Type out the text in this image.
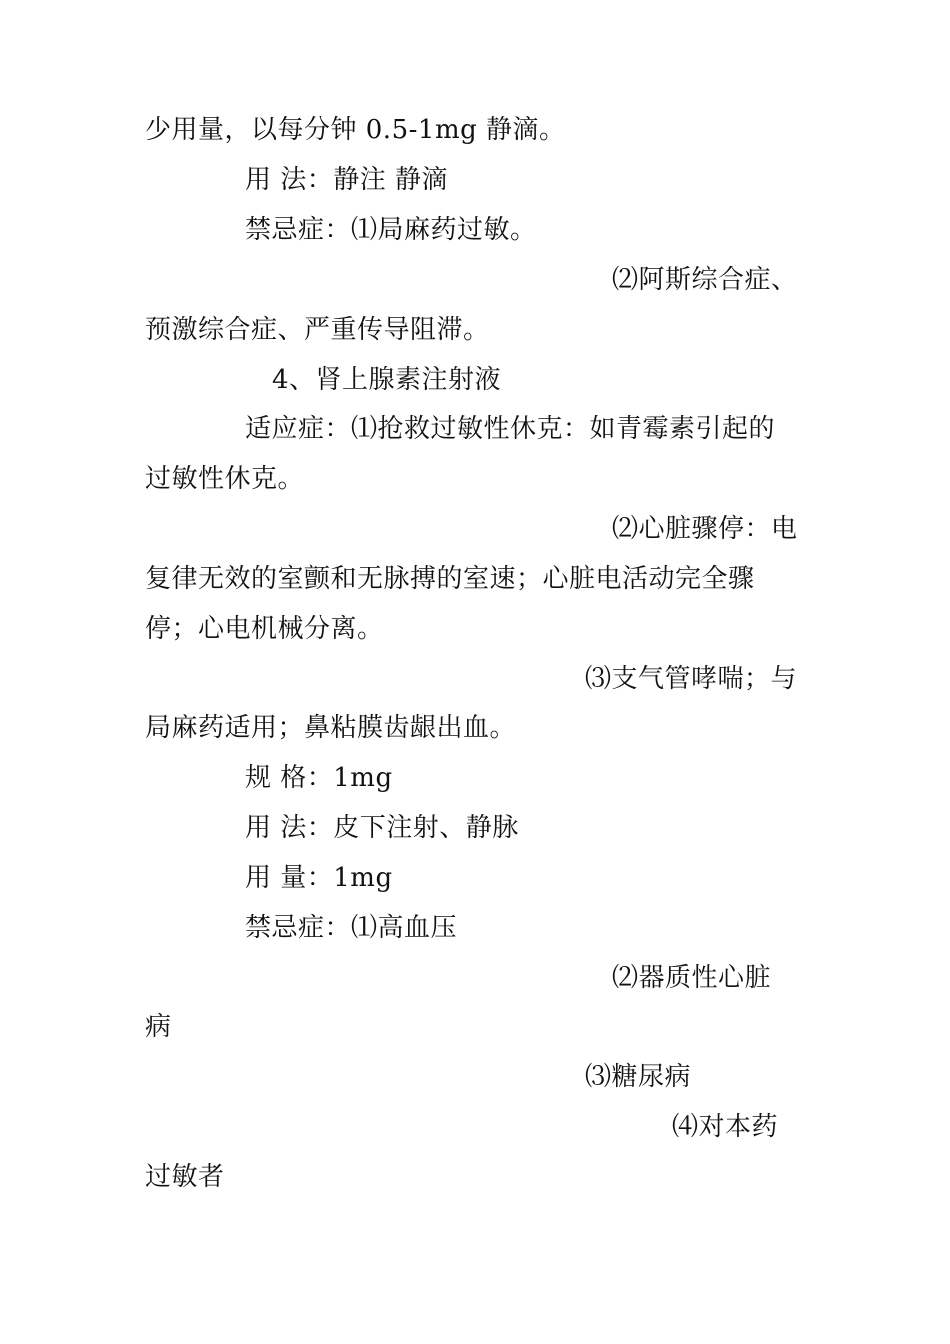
少用量，以每分钟 0.5-1mg 静滴。
用 法：静注 静滴
禁忌症：⑴局麻药过敏。
⑵阿斯综合症、
预激综合症、严重传导阻滞。
4、肾上腺素注射液
适应症：⑴抢救过敏性休克：如青霉素引起的
过敏性休克。
⑵心脏骤停：电
复律无效的室颤和无脉搏的室速；心脏电活动完全骤
停；心电机械分离。
⑶支气管哮喘；与
局麻药适用；鼻粘膜齿龈出血。
规 格：1mg
用 法：皮下注射、静脉
用 量：1mg
禁忌症：⑴高血压
⑵器质性心脏
病
⑶糖尿病
⑷对本药
过敏者
